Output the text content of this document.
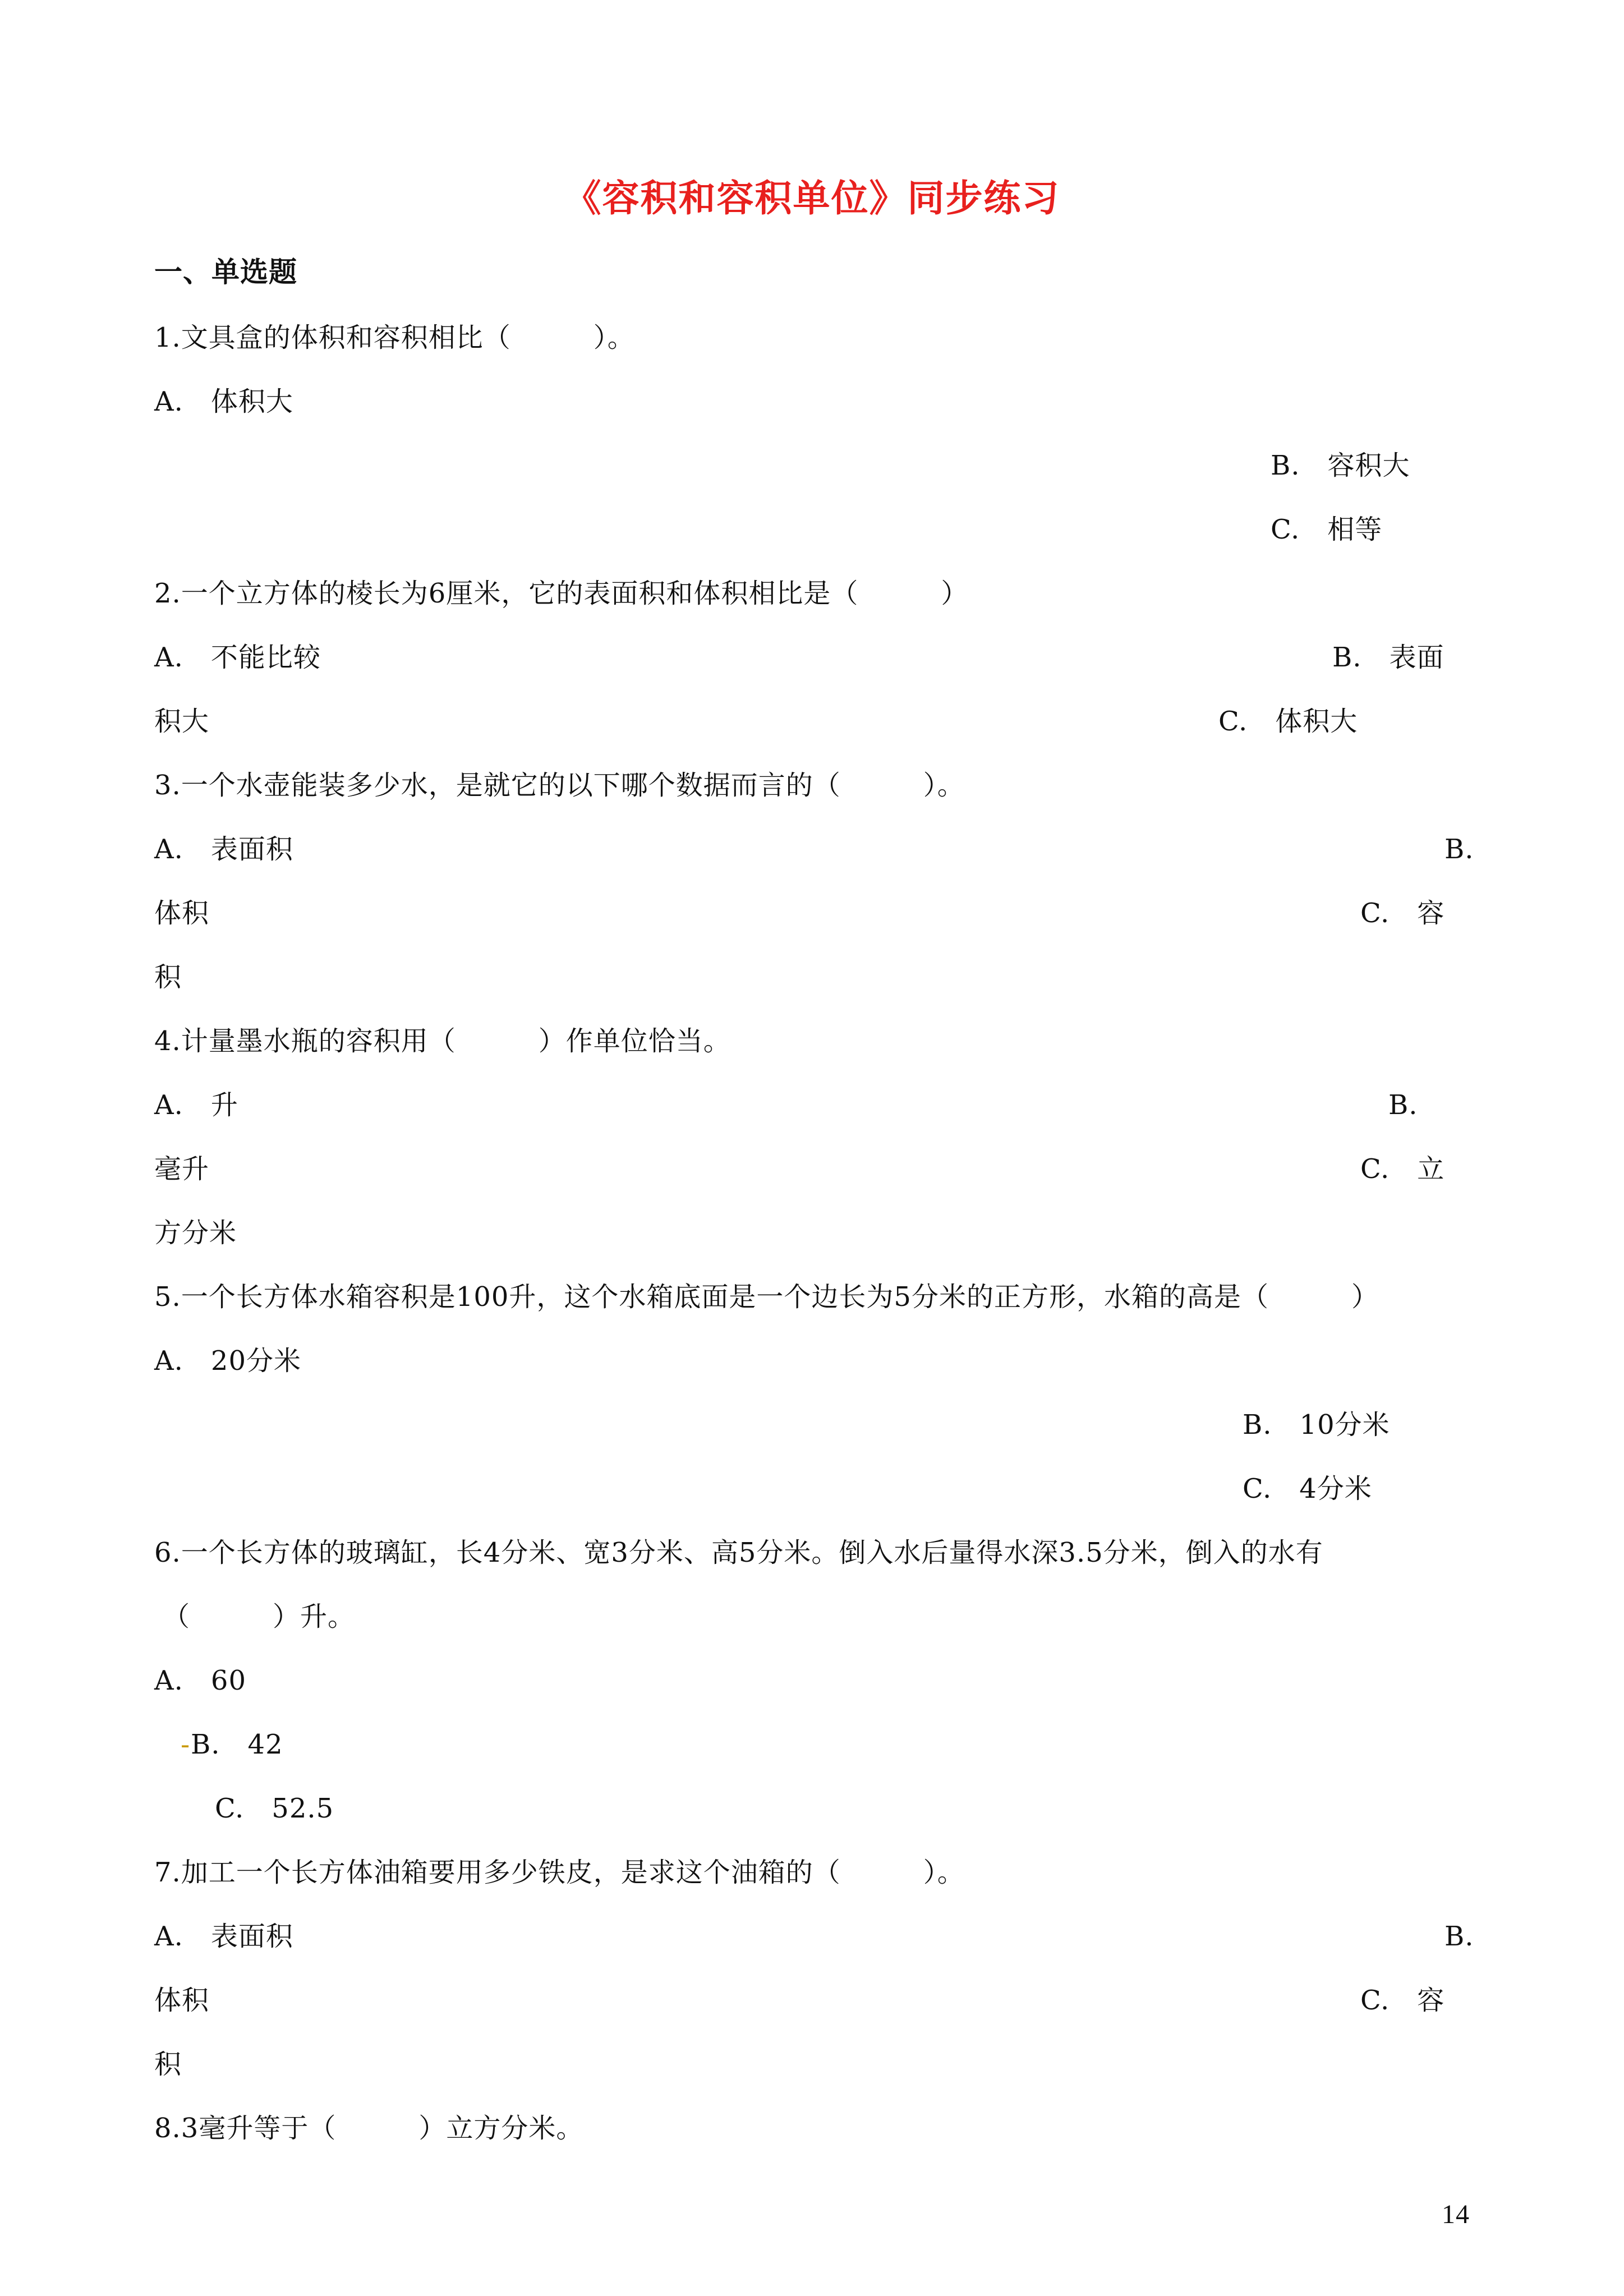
《容积和容积单位》同步练习
一、单选题
1.文具盒的体积和容积相比（　　　）。
A.　体积大
B.　容积大
C.　相等
2.一个立方体的棱长为6厘米，它的表面积和体积相比是（　　　）
A.　不能比较	B.　表面
积大	C.　体积大
3.一个水壶能装多少水，是就它的以下哪个数据而言的（　　　）。
A.　表面积	B.
体积	C.　容
积
4.计量墨水瓶的容积用（　　　）作单位恰当。
A.　升	B.
毫升	C.　立
方分米
5.一个长方体水箱容积是100升，这个水箱底面是一个边长为5分米的正方形，水箱的高是（　　　）
A.　20分米
B.　10分米
C.　4分米
6.一个长方体的玻璃缸，长4分米、宽3分米、高5分米。倒入水后量得水深3.5分米，倒入的水有
（　　　）升。
A.　60
- B.　42
C.　52.5
7.加工一个长方体油箱要用多少铁皮，是求这个油箱的（　　　）。
A.　表面积	B.
体积	C.　容
积
8.3毫升等于（　　　）立方分米。
14
